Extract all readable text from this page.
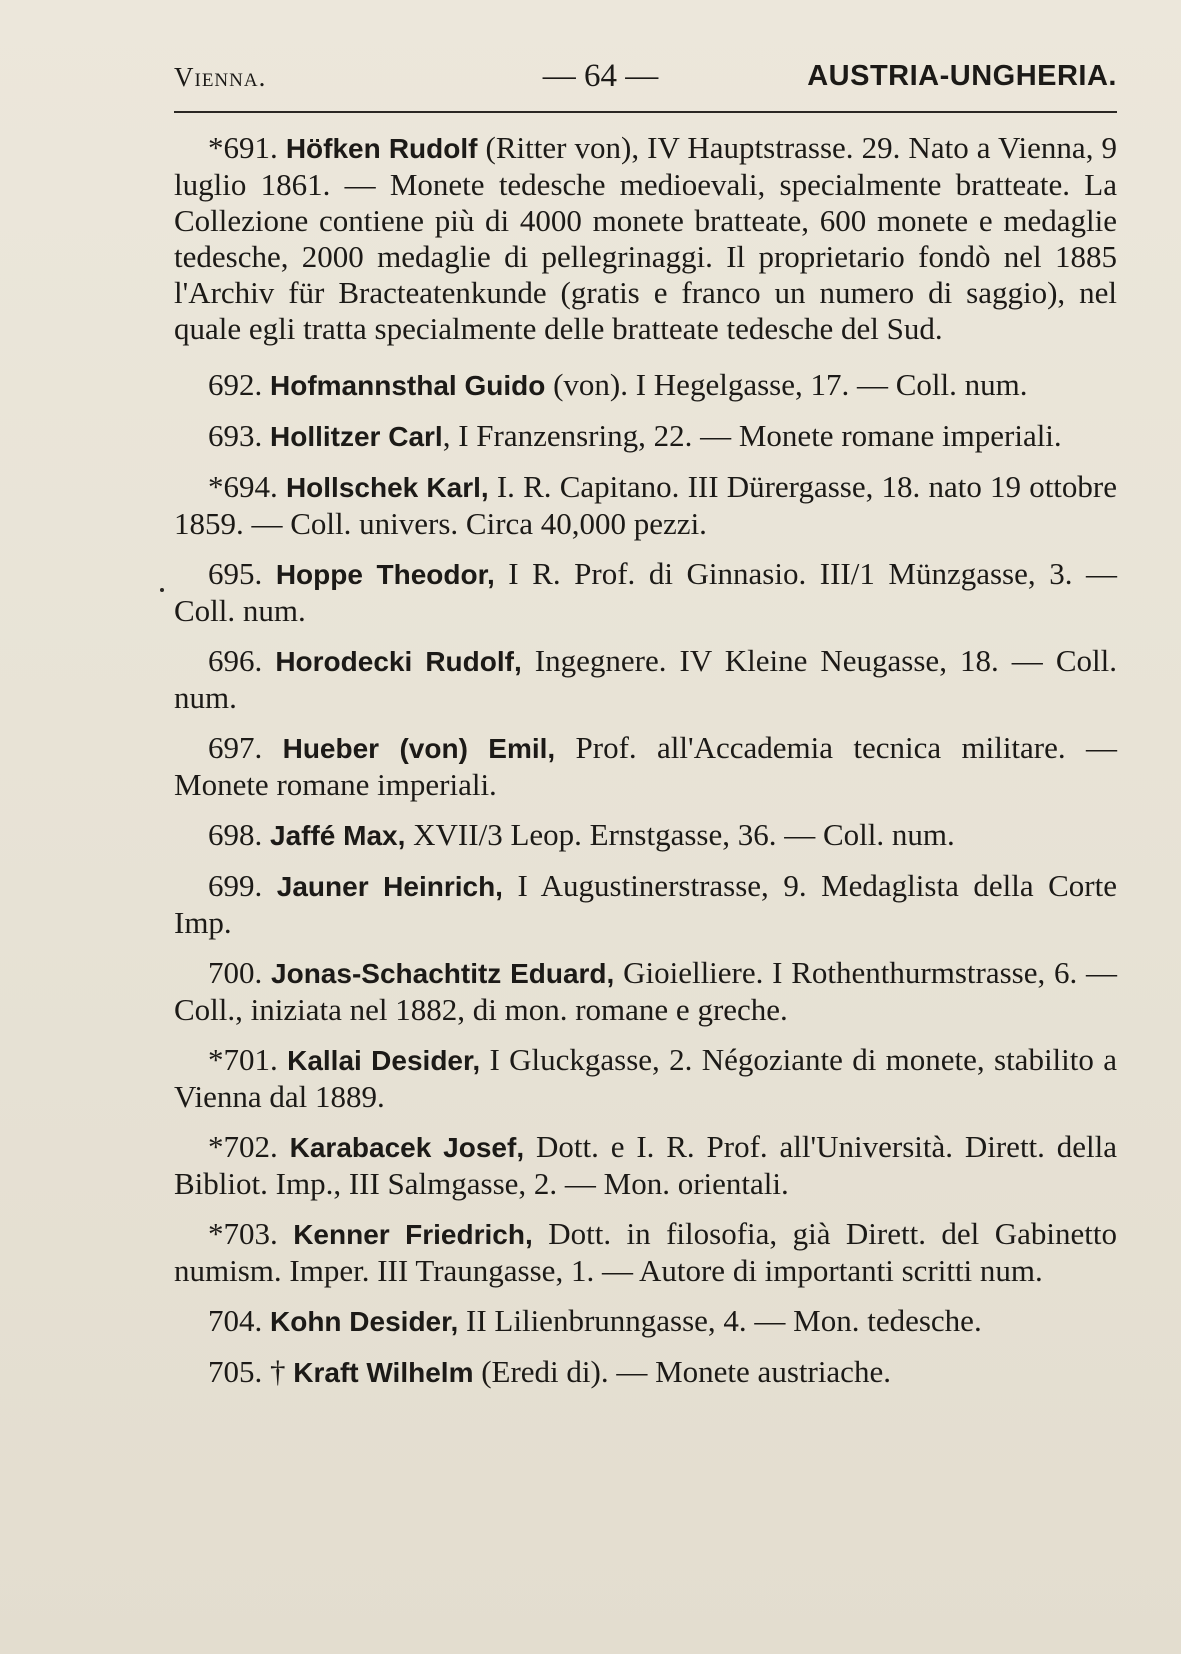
Vienna.	— 64 —	AUSTRIA-UNGHERIA.

*691. Höfken Rudolf (Ritter von), IV Hauptstrasse. 29. Nato a Vienna, 9 luglio 1861. — Monete tedesche medioevali, specialmente bratteate. La Collezione contiene più di 4000 monete bratteate, 600 monete e medaglie tedesche, 2000 medaglie di pellegrinaggi. Il proprietario fondò nel 1885 l'Archiv für Bracteatenkunde (gratis e franco un numero di saggio), nel quale egli tratta specialmente delle bratteate tedesche del Sud.

692. Hofmannsthal Guido (von). I Hegelgasse, 17. — Coll. num.

693. Hollitzer Carl, I Franzensring, 22. — Monete romane imperiali.

*694. Hollschek Karl, I. R. Capitano. III Dürergasse, 18. nato 19 ottobre 1859. — Coll. univers. Circa 40,000 pezzi.

695. Hoppe Theodor, I R. Prof. di Ginnasio. III/1 Münzgasse, 3. — Coll. num.

696. Horodecki Rudolf, Ingegnere. IV Kleine Neugasse, 18. — Coll. num.

697. Hueber (von) Emil, Prof. all'Accademia tecnica militare. — Monete romane imperiali.

698. Jaffé Max, XVII/3 Leop. Ernstgasse, 36. — Coll. num.

699. Jauner Heinrich, I Augustinerstrasse, 9. Medaglista della Corte Imp.

700. Jonas-Schachtitz Eduard, Gioielliere. I Rothenthurmstrasse, 6. — Coll., iniziata nel 1882, di mon. romane e greche.

*701. Kallai Desider, I Gluckgasse, 2. Négoziante di monete, stabilito a Vienna dal 1889.

*702. Karabacek Josef, Dott. e I. R. Prof. all'Università. Dirett. della Bibliot. Imp., III Salmgasse, 2. — Mon. orientali.

*703. Kenner Friedrich, Dott. in filosofia, già Dirett. del Gabinetto numism. Imper. III Traungasse, 1. — Autore di importanti scritti num.

704. Kohn Desider, II Lilienbrunngasse, 4. — Mon. tedesche.

705. † Kraft Wilhelm (Eredi di). — Monete austriache.
